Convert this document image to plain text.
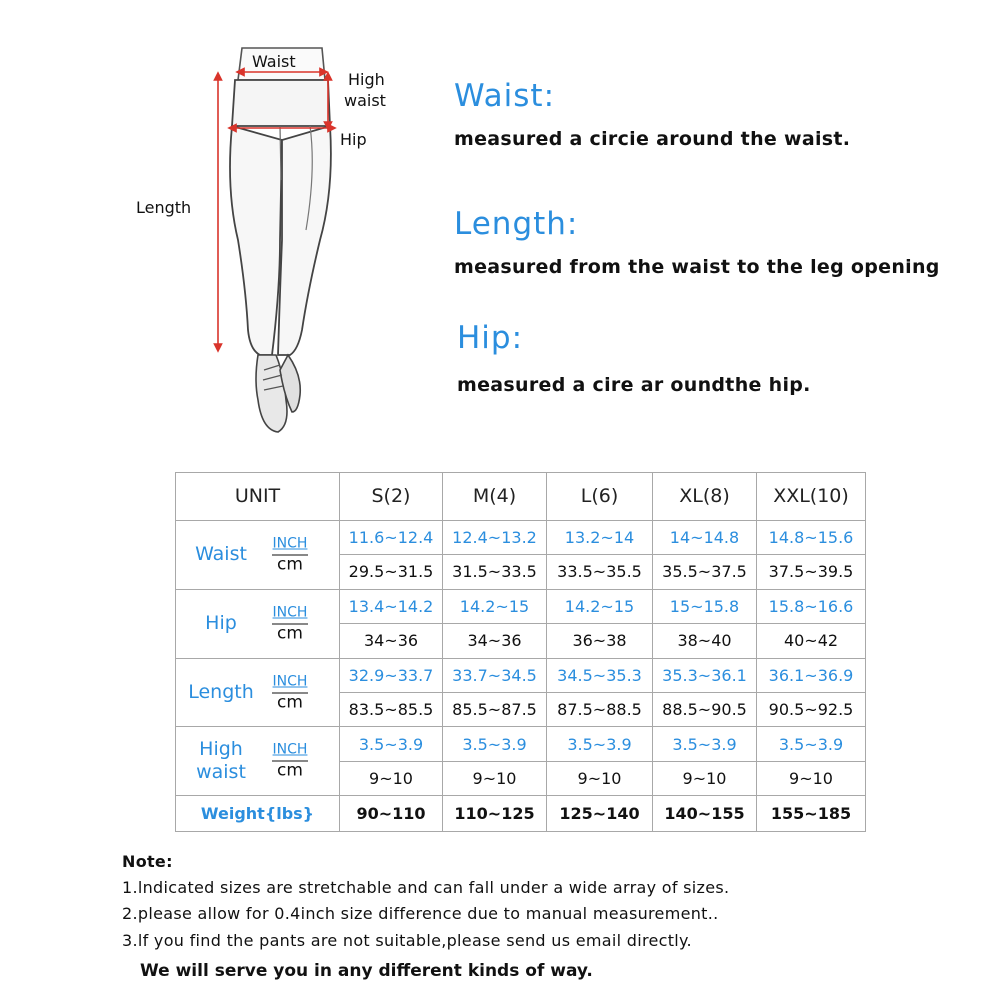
Waist
High
waist
Hip
Length
Waist:
measured a circie around the waist.
Length:
measured from the waist to the leg opening
Hip:
measured a cire ar oundthe hip.
UNIT	S(2)	M(4)	L(6)	XL(8)	XXL(10)

Waist INCH
cm	11.6~12.4	12.4~13.2	13.2~14	14~14.8	14.8~15.6
	29.5~31.5	31.5~33.5	33.5~35.5	35.5~37.5	37.5~39.5

Hip INCH
cm	13.4~14.2	14.2~15	14.2~15	15~15.8	15.8~16.6
	34~36	34~36	36~38	38~40	40~42

Length INCH
cm	32.9~33.7	33.7~34.5	34.5~35.3	35.3~36.1	36.1~36.9
	83.5~85.5	85.5~87.5	87.5~88.5	88.5~90.5	90.5~92.5

High waist
INCH
cm	3.5~3.9	3.5~3.9	3.5~3.9	3.5~3.9	3.5~3.9
	9~10	9~10	9~10	9~10	9~10
Weight{lbs}	90~110	110~125	125~140	140~155	155~185
Note:
1.lndicated sizes are stretchable and can fall under a wide array of sizes.
2.please allow for 0.4inch size difference due to manual measurement..
3.lf you find the pants are not suitable,please send us email directly.
We will serve you in any different kinds of way.
